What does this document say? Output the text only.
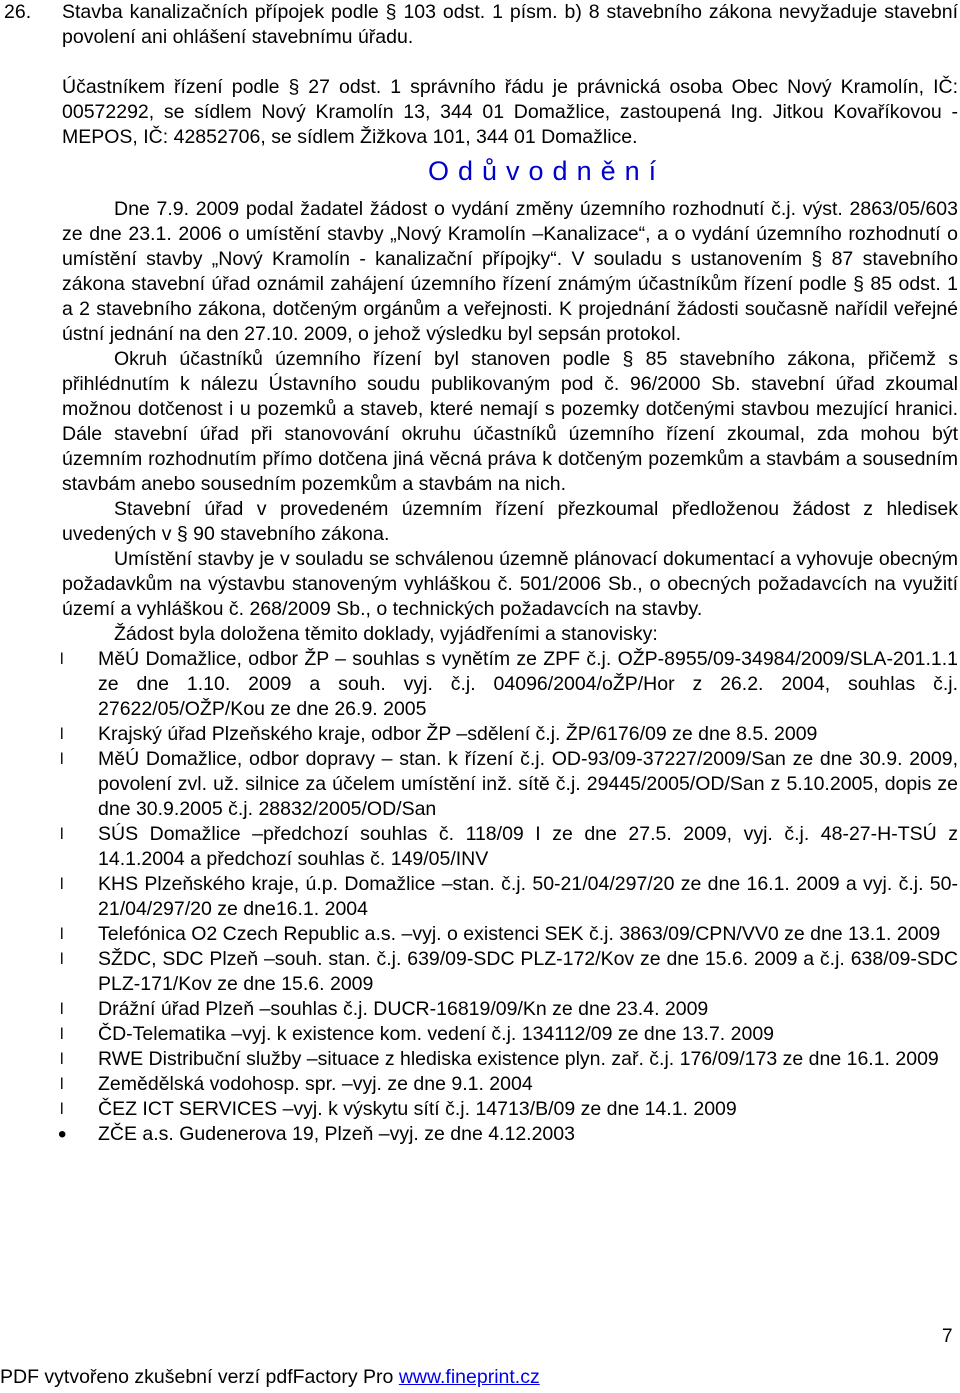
26.	Stavba kanalizačních přípojek podle § 103 odst. 1 písm. b) 8 stavebního zákona nevyžaduje stavební povolení ani ohlášení stavebnímu úřadu.

Účastníkem řízení podle § 27 odst. 1 správního řádu je právnická osoba Obec Nový Kramolín, IČ: 00572292, se sídlem Nový Kramolín 13, 344 01 Domažlice, zastoupená Ing. Jitkou Kovaříkovou - MEPOS, IČ: 42852706, se sídlem Žižkova 101, 344 01 Domažlice.

Odůvodnění

Dne 7.9. 2009 podal žadatel žádost o vydání změny územního rozhodnutí č.j. výst. 2863/05/603 ze dne 23.1. 2006 o umístění stavby „Nový Kramolín –Kanalizace“, a o vydání územního rozhodnutí o umístění stavby „Nový Kramolín - kanalizační přípojky“. V souladu s ustanovením § 87 stavebního zákona stavební úřad oznámil zahájení územního řízení známým účastníkům řízení podle § 85 odst. 1 a 2 stavebního zákona, dotčeným orgánům a veřejnosti. K projednání žádosti současně nařídil veřejné ústní jednání na den 27.10. 2009, o jehož výsledku byl sepsán protokol.

Okruh účastníků územního řízení byl stanoven podle § 85 stavebního zákona, přičemž s přihlédnutím k nálezu Ústavního soudu publikovaným pod č. 96/2000 Sb. stavební úřad zkoumal možnou dotčenost i u pozemků a staveb, které nemají s pozemky dotčenými stavbou mezující hranici. Dále stavební úřad při stanovování okruhu účastníků územního řízení zkoumal, zda mohou být územním rozhodnutím přímo dotčena jiná věcná práva k dotčeným pozemkům a stavbám a sousedním stavbám anebo sousedním pozemkům a stavbám na nich.

Stavební úřad v provedeném územním řízení přezkoumal předloženou žádost z hledisek uvedených v § 90 stavebního zákona.

Umístění stavby je v souladu se schválenou územně plánovací dokumentací a vyhovuje obecným požadavkům na výstavbu stanoveným vyhláškou č. 501/2006 Sb., o obecných požadavcích na využití území a vyhláškou č. 268/2009 Sb., o technických požadavcích na stavby.

Žádost byla doložena těmito doklady, vyjádřeními a stanovisky:

l	MěÚ Domažlice, odbor ŽP – souhlas s vynětím ze ZPF č.j. OŽP-8955/09-34984/2009/SLA-201.1.1 ze dne 1.10. 2009 a souh. vyj. č.j. 04096/2004/oŽP/Hor z 26.2. 2004, souhlas č.j. 27622/05/OŽP/Kou ze dne 26.9. 2005
l	Krajský úřad Plzeňského kraje, odbor ŽP –sdělení č.j. ŽP/6176/09 ze dne 8.5. 2009
l	MěÚ Domažlice, odbor dopravy – stan. k řízení č.j. OD-93/09-37227/2009/San ze dne 30.9. 2009, povolení zvl. už. silnice za účelem umístění inž. sítě č.j. 29445/2005/OD/San z 5.10.2005, dopis ze dne 30.9.2005 č.j. 28832/2005/OD/San
l	SÚS Domažlice –předchozí souhlas č. 118/09 I ze dne 27.5. 2009, vyj. č.j. 48-27-H-TSÚ z 14.1.2004 a předchozí souhlas č. 149/05/INV
l	KHS Plzeňského kraje, ú.p. Domažlice –stan. č.j. 50-21/04/297/20 ze dne 16.1. 2009 a vyj. č.j. 50-21/04/297/20 ze dne16.1. 2004
l	Telefónica O2 Czech Republic a.s. –vyj. o existenci SEK č.j. 3863/09/CPN/VV0 ze dne 13.1. 2009
l	SŽDC, SDC Plzeň –souh. stan. č.j. 639/09-SDC PLZ-172/Kov ze dne 15.6. 2009 a č.j. 638/09-SDC PLZ-171/Kov ze dne 15.6. 2009
l	Drážní úřad Plzeň –souhlas č.j. DUCR-16819/09/Kn ze dne 23.4. 2009
l	ČD-Telematika –vyj. k existence kom. vedení č.j. 134112/09 ze dne 13.7. 2009
l	RWE Distribuční služby –situace z hlediska existence plyn. zař. č.j. 176/09/173 ze dne 16.1. 2009
l	Zemědělská vodohosp. spr. –vyj. ze dne 9.1. 2004
l	ČEZ ICT SERVICES –vyj. k výskytu sítí č.j. 14713/B/09 ze dne 14.1. 2009
•	ZČE a.s. Gudenerova 19, Plzeň –vyj. ze dne 4.12.2003
7
PDF vytvořeno zkušební verzí pdfFactory Pro www.fineprint.cz
